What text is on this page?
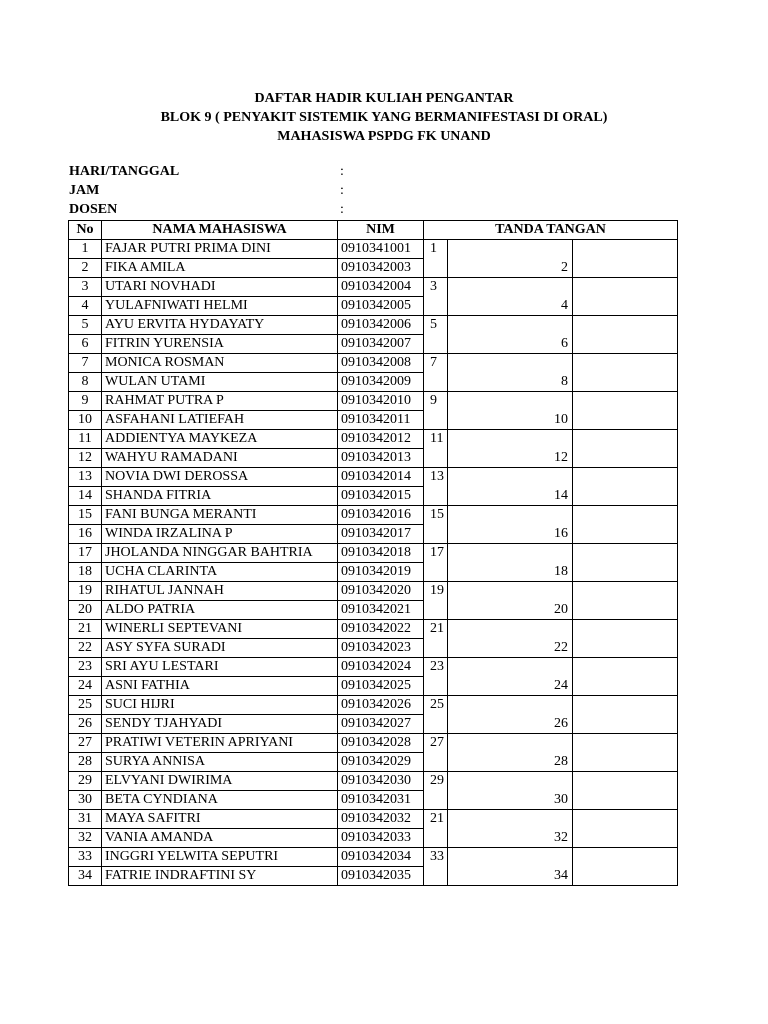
DAFTAR HADIR KULIAH PENGANTAR
BLOK 9 ( PENYAKIT SISTEMIK YANG BERMANIFESTASI DI ORAL)
MAHASISWA PSPDG FK UNAND
HARI/TANGGAL	:
JAM	:
DOSEN	:
No	NAMA MAHASISWA	NIM	TANDA TANGAN		
1	FAJAR PUTRI PRIMA DINI	0910341001	1		
2	FIKA AMILA	0910342003		2	
3	UTARI NOVHADI	0910342004	3		
4	YULAFNIWATI HELMI	0910342005		4	
5	AYU ERVITA HYDAYATY	0910342006	5		
6	FITRIN YURENSIA	0910342007		6	
7	MONICA ROSMAN	0910342008	7		
8	WULAN UTAMI	0910342009		8	
9	RAHMAT PUTRA P	0910342010	9		
10	ASFAHANI LATIEFAH	0910342011		10	
11	ADDIENTYA MAYKEZA	0910342012	11		
12	WAHYU RAMADANI	0910342013		12	
13	NOVIA DWI DEROSSA	0910342014	13		
14	SHANDA FITRIA	0910342015		14	
15	FANI BUNGA MERANTI	0910342016	15		
16	WINDA IRZALINA P	0910342017		16	
17	JHOLANDA NINGGAR BAHTRIA	0910342018	17		
18	UCHA CLARINTA	0910342019		18	
19	RIHATUL JANNAH	0910342020	19		
20	ALDO PATRIA	0910342021		20	
21	WINERLI SEPTEVANI	0910342022	21		
22	ASY SYFA SURADI	0910342023		22	
23	SRI AYU LESTARI	0910342024	23		
24	ASNI FATHIA	0910342025		24	
25	SUCI HIJRI	0910342026	25		
26	SENDY TJAHYADI	0910342027		26	
27	PRATIWI VETERIN APRIYANI	0910342028	27		
28	SURYA ANNISA	0910342029		28	
29	ELVYANI DWIRIMA	0910342030	29		
30	BETA CYNDIANA	0910342031		30	
31	MAYA SAFITRI	0910342032	21		
32	VANIA AMANDA	0910342033		32	
33	INGGRI YELWITA SEPUTRI	0910342034	33		
34	FATRIE INDRAFTINI SY	0910342035		34	
